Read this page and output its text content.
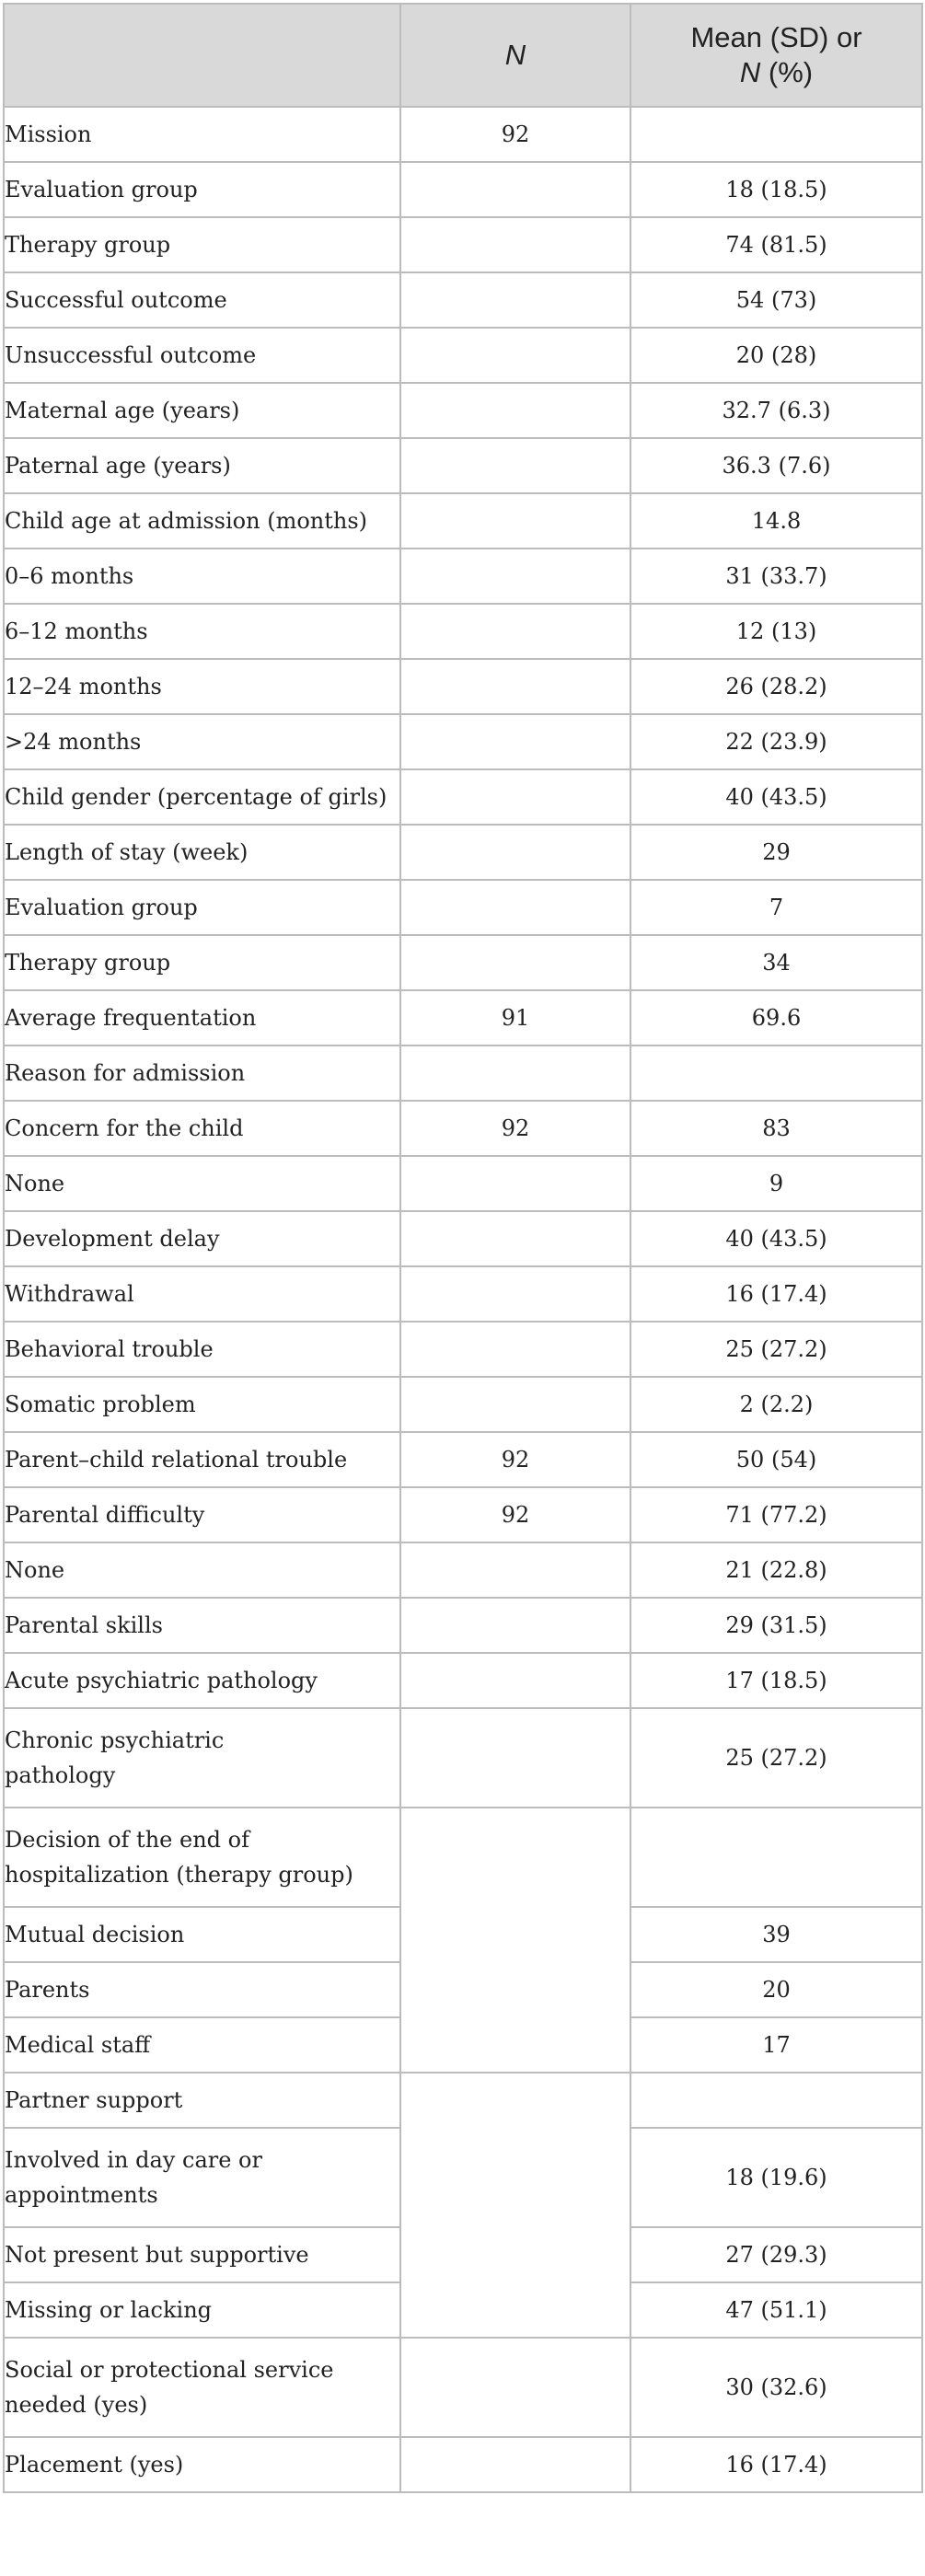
	N	Mean (SD) or
N (%)
Mission	92	
Evaluation group		18 (18.5)
Therapy group		74 (81.5)
Successful outcome		54 (73)
Unsuccessful outcome		20 (28)
Maternal age (years)		32.7 (6.3)
Paternal age (years)		36.3 (7.6)
Child age at admission (months)		14.8
0–6 months		31 (33.7)
6–12 months		12 (13)
12–24 months		26 (28.2)
>24 months		22 (23.9)
Child gender (percentage of girls)		40 (43.5)
Length of stay (week)		29
Evaluation group		7
Therapy group		34
Average frequentation	91	69.6
Reason for admission		
Concern for the child	92	83
None		9
Development delay		40 (43.5)
Withdrawal		16 (17.4)
Behavioral trouble		25 (27.2)
Somatic problem		2 (2.2)
Parent–child relational trouble	92	50 (54)
Parental difficulty	92	71 (77.2)
None		21 (22.8)
Parental skills		29 (31.5)
Acute psychiatric pathology		17 (18.5)
Chronic psychiatric
pathology		25 (27.2)
Decision of the end of
hospitalization (therapy group)		
Mutual decision		39
Parents		20
Medical staff		17
Partner support		
Involved in day care or
appointments		18 (19.6)
Not present but supportive		27 (29.3)
Missing or lacking		47 (51.1)
Social or protectional service
needed (yes)		30 (32.6)
Placement (yes)		16 (17.4)
